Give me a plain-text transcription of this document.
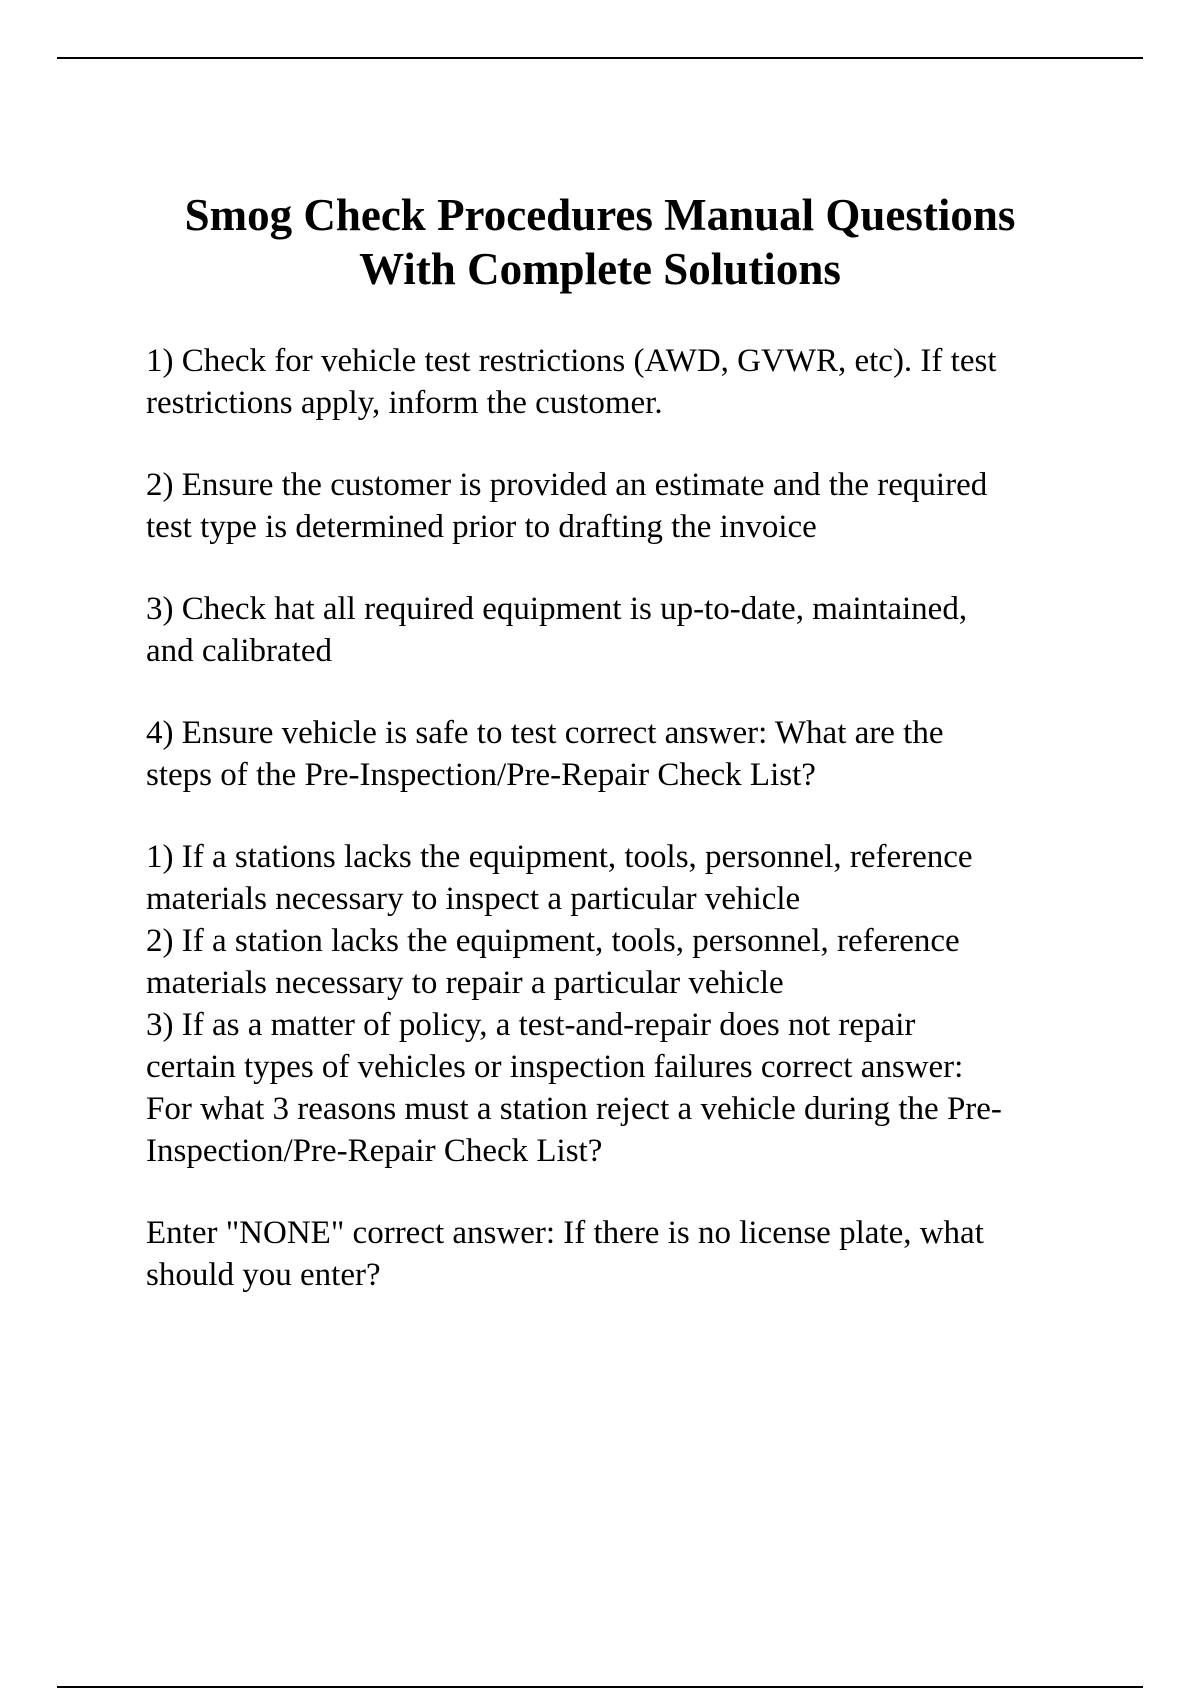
Smog Check Procedures Manual Questions
With Complete Solutions

1) Check for vehicle test restrictions (AWD, GVWR, etc). If test
restrictions apply, inform the customer.

2) Ensure the customer is provided an estimate and the required
test type is determined prior to drafting the invoice

3) Check hat all required equipment is up-to-date, maintained,
and calibrated

4) Ensure vehicle is safe to test correct answer: What are the
steps of the Pre-Inspection/Pre-Repair Check List?

1) If a stations lacks the equipment, tools, personnel, reference
materials necessary to inspect a particular vehicle
2) If a station lacks the equipment, tools, personnel, reference
materials necessary to repair a particular vehicle
3) If as a matter of policy, a test-and-repair does not repair
certain types of vehicles or inspection failures correct answer:
For what 3 reasons must a station reject a vehicle during the Pre-
Inspection/Pre-Repair Check List?

Enter "NONE" correct answer: If there is no license plate, what
should you enter?
